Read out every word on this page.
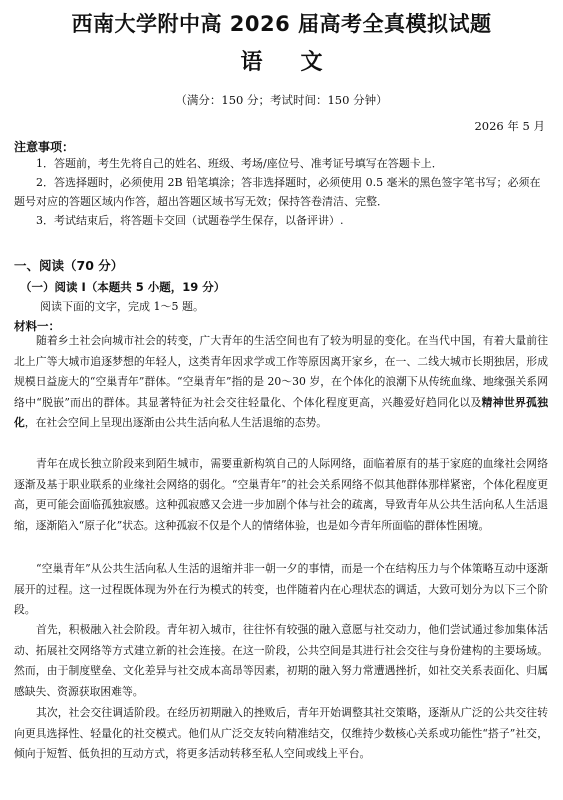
西南大学附中高 2026 届高考全真模拟试题
语文
（满分：150 分；考试时间：150 分钟）
2026 年 5 月
注意事项：

1．答题前，考生先将自己的姓名、班级、考场/座位号、准考证号填写在答题卡上．

2．答选择题时，必须使用 2B 铅笔填涂；答非选择题时，必须使用 0.5 毫米的黑色签字笔书写；必须在题号对应的答题区域内作答，超出答题区域书写无效；保持答卷清洁、完整．

3．考试结束后，将答题卡交回（试题卷学生保存，以备评讲）.

一、阅读（70 分）
（一）阅读 I（本题共 5 小题，19 分）
阅读下面的文字，完成 1～5 题。
材料一：

随着乡土社会向城市社会的转变，广大青年的生活空间也有了较为明显的变化。在当代中国，有着大量前往北上广等大城市追逐梦想的年轻人，这类青年因求学或工作等原因离开家乡，在一、二线大城市长期独居，形成规模日益庞大的“空巢青年”群体。“空巢青年”指的是 20～30 岁，在个体化的浪潮下从传统血缘、地缘强关系网络中“脱嵌”而出的群体。其显著特征为社会交往轻量化、个体化程度更高，兴趣爱好趋同化以及精神世界孤独化，在社会空间上呈现出逐渐由公共生活向私人生活退缩的态势。

青年在成长独立阶段来到陌生城市，需要重新构筑自己的人际网络，面临着原有的基于家庭的血缘社会网络逐渐及基于职业联系的业缘社会网络的弱化。“空巢青年”的社会关系网络不似其他群体那样紧密，个体化程度更高，更可能会面临孤独寂感。这种孤寂感又会进一步加剧个体与社会的疏离，导致青年从公共生活向私人生活退缩，逐渐陷入“原子化”状态。这种孤寂不仅是个人的情绪体验，也是如今青年所面临的群体性困境。

“空巢青年”从公共生活向私人生活的退缩并非一朝一夕的事情，而是一个在结构压力与个体策略互动中逐渐展开的过程。这一过程既体现为外在行为模式的转变，也伴随着内在心理状态的调适，大致可划分为以下三个阶段。

首先，积极融入社会阶段。青年初入城市，往往怀有较强的融入意愿与社交动力，他们尝试通过参加集体活动、拓展社交网络等方式建立新的社会连接。在这一阶段，公共空间是其进行社会交往与身份建构的主要场域。然而，由于制度壁垒、文化差异与社交成本高昂等因素，初期的融入努力常遭遇挫折，如社交关系表面化、归属感缺失、资源获取困难等。

其次，社会交往调适阶段。在经历初期融入的挫败后，青年开始调整其社交策略，逐渐从广泛的公共交往转向更具选择性、轻量化的社交模式。他们从广泛交友转向精准结交，仅维持少数核心关系或功能性“搭子”社交，倾向于短暂、低负担的互动方式，将更多活动转移至私人空间或线上平台。
